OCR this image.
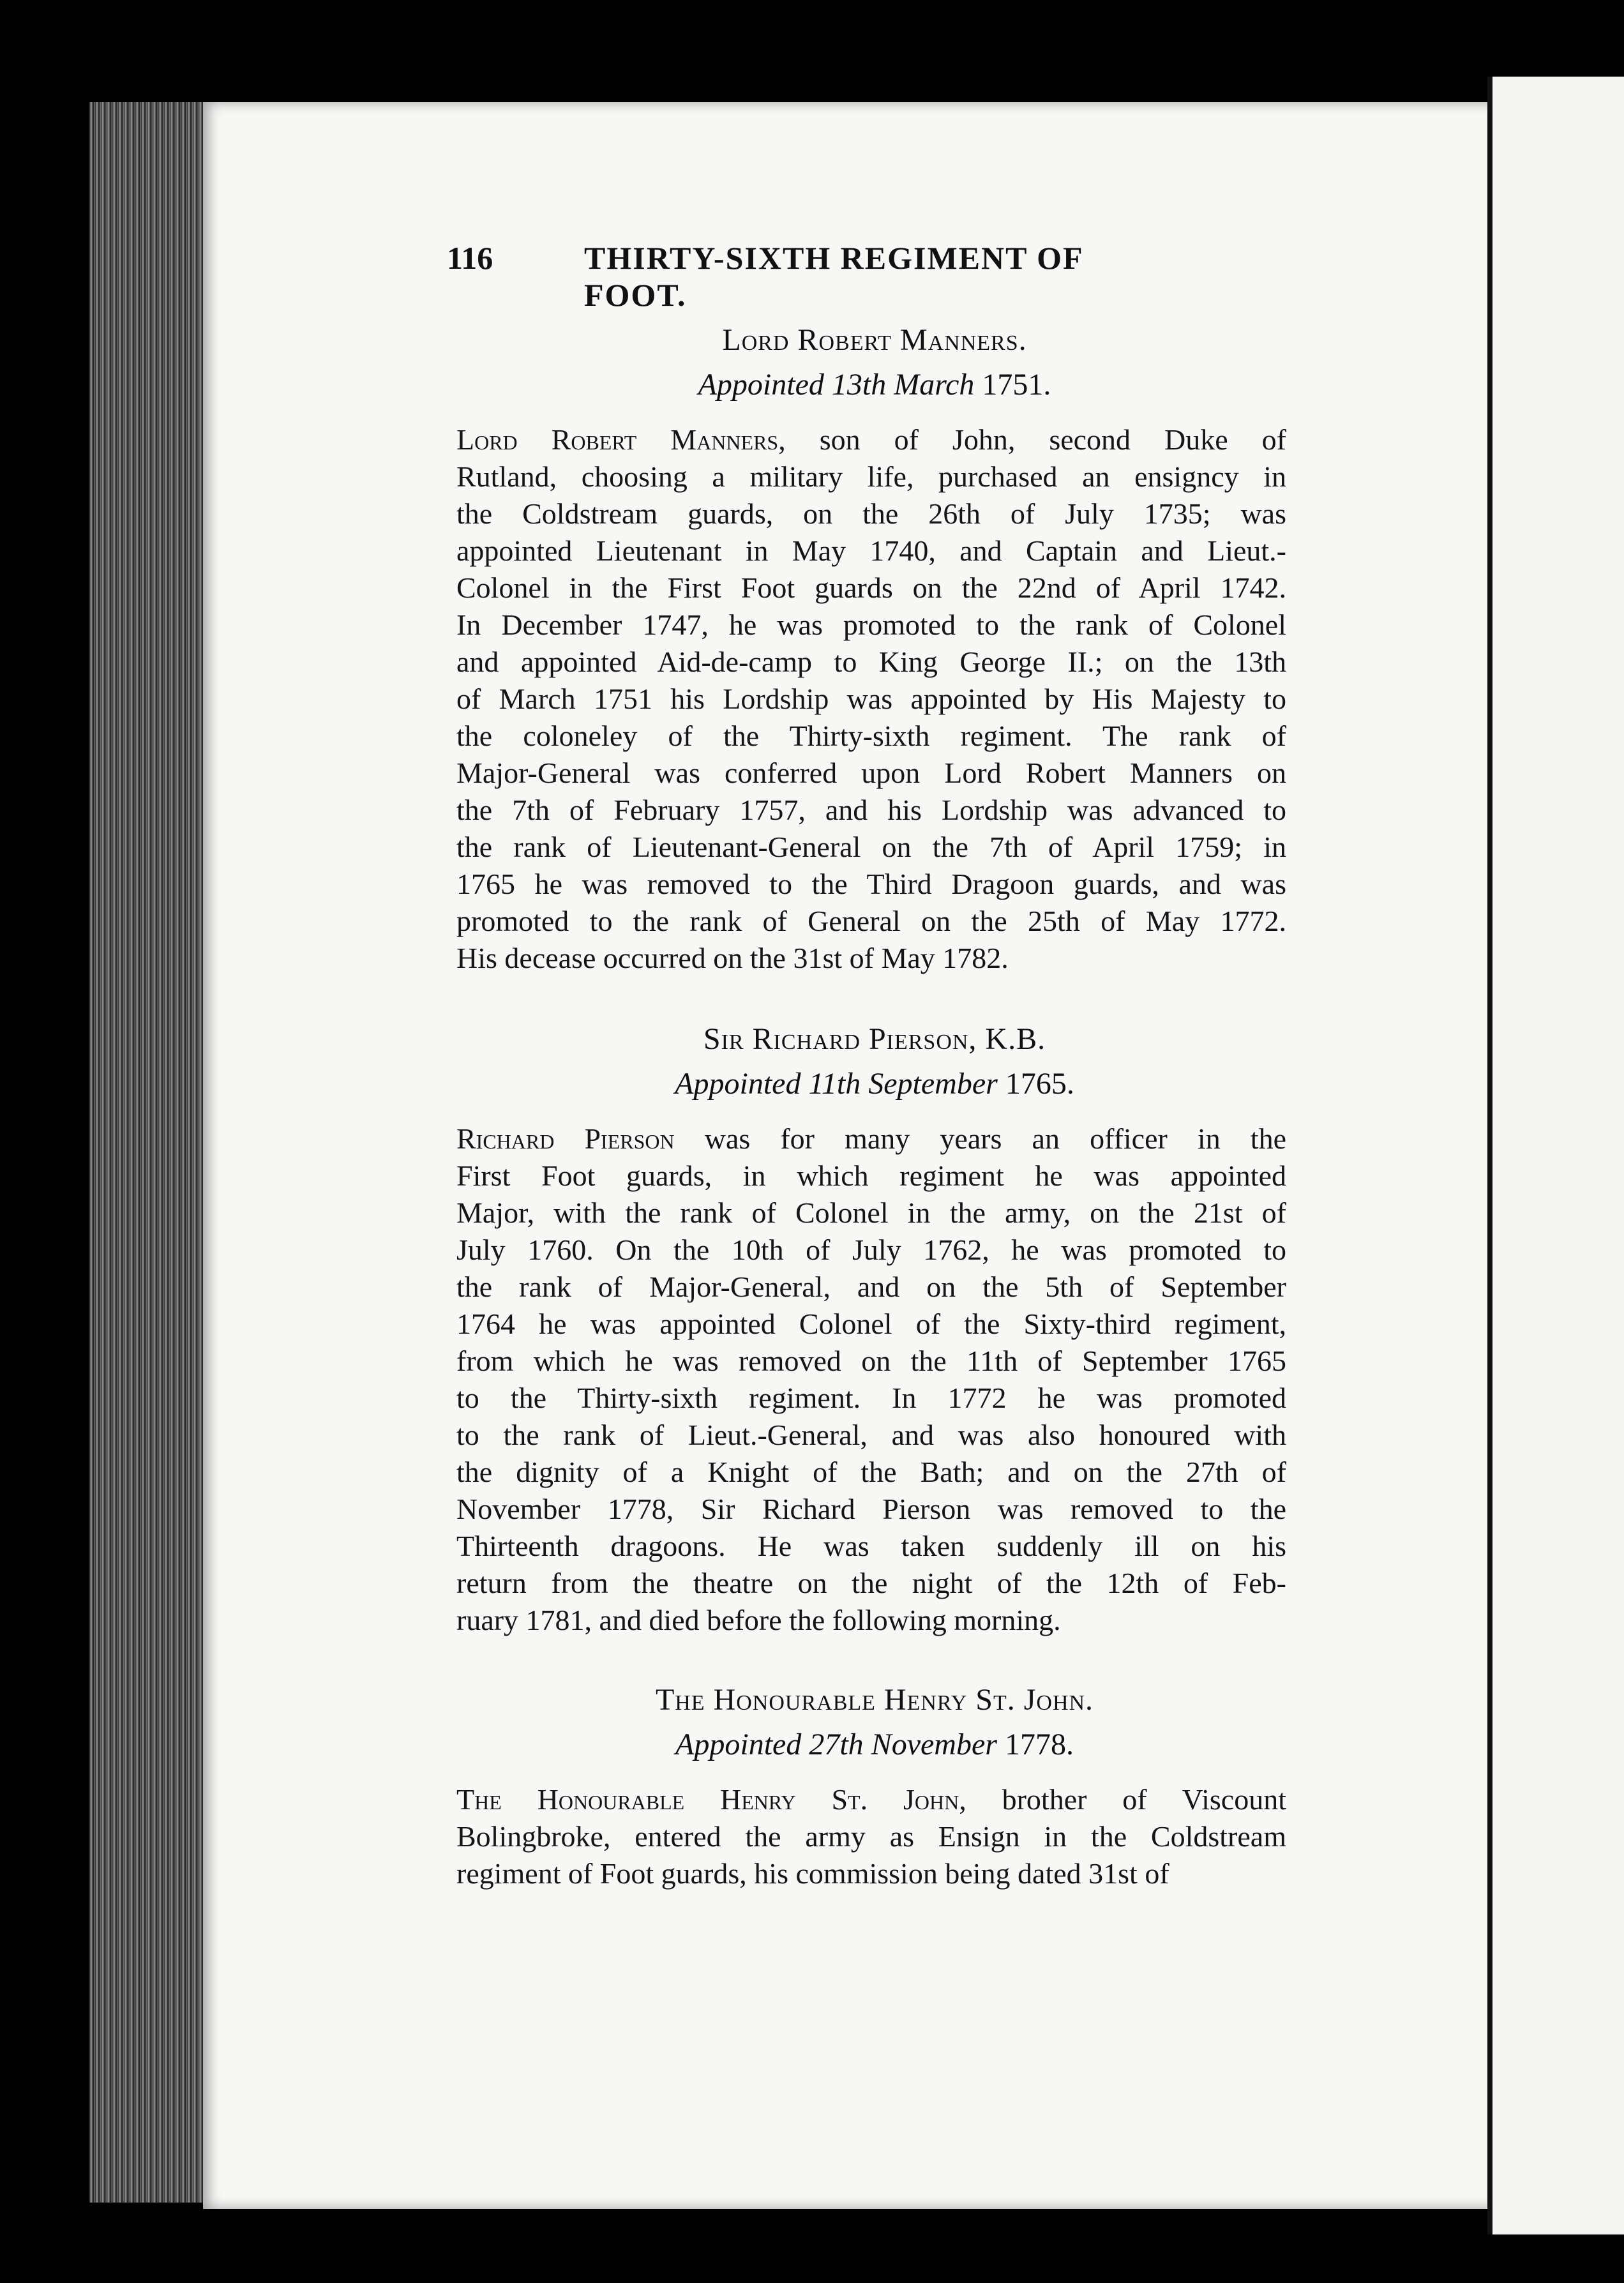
116	THIRTY-SIXTH REGIMENT OF FOOT.
Lord Robert Manners.
Appointed 13th March 1751.
Lord Robert Manners, son of John, second Duke of
Rutland, choosing a military life, purchased an ensigncy in
the Coldstream guards, on the 26th of July 1735; was
appointed Lieutenant in May 1740, and Captain and Lieut.-
Colonel in the First Foot guards on the 22nd of April 1742.
In December 1747, he was promoted to the rank of Colonel
and appointed Aid-de-camp to King George II.; on the 13th
of March 1751 his Lordship was appointed by His Majesty to
the coloneley of the Thirty-sixth regiment. The rank of
Major-General was conferred upon Lord Robert Manners on
the 7th of February 1757, and his Lordship was advanced to
the rank of Lieutenant-General on the 7th of April 1759; in
1765 he was removed to the Third Dragoon guards, and was
promoted to the rank of General on the 25th of May 1772.
His decease occurred on the 31st of May 1782.
Sir Richard Pierson, K.B.
Appointed 11th September 1765.
Richard Pierson was for many years an officer in the
First Foot guards, in which regiment he was appointed
Major, with the rank of Colonel in the army, on the 21st of
July 1760. On the 10th of July 1762, he was promoted to
the rank of Major-General, and on the 5th of September
1764 he was appointed Colonel of the Sixty-third regiment,
from which he was removed on the 11th of September 1765
to the Thirty-sixth regiment. In 1772 he was promoted
to the rank of Lieut.-General, and was also honoured with
the dignity of a Knight of the Bath; and on the 27th of
November 1778, Sir Richard Pierson was removed to the
Thirteenth dragoons. He was taken suddenly ill on his
return from the theatre on the night of the 12th of Feb-
ruary 1781, and died before the following morning.
The Honourable Henry St. John.
Appointed 27th November 1778.
The Honourable Henry St. John, brother of Viscount
Bolingbroke, entered the army as Ensign in the Coldstream
regiment of Foot guards, his commission being dated 31st of
